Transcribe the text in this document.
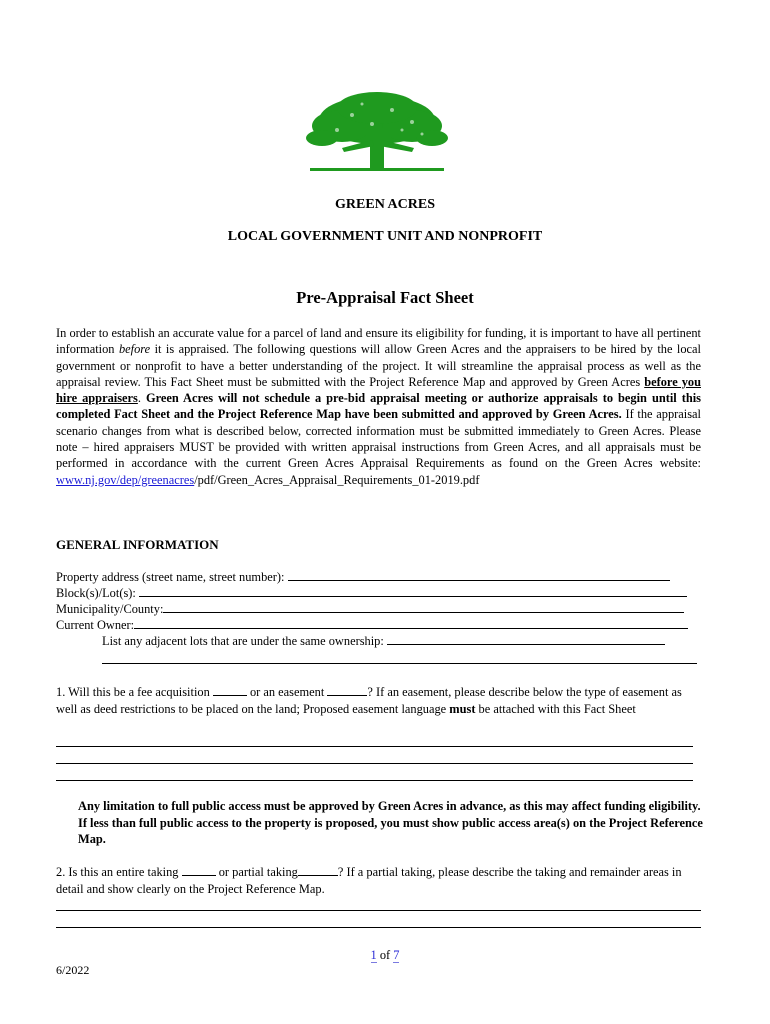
GREEN ACRES
LOCAL GOVERNMENT UNIT AND NONPROFIT
Pre-Appraisal Fact Sheet
In order to establish an accurate value for a parcel of land and ensure its eligibility for funding, it is important to have all pertinent information before it is appraised. The following questions will allow Green Acres and the appraisers to be hired by the local government or nonprofit to have a better understanding of the project. It will streamline the appraisal process as well as the appraisal review. This Fact Sheet must be submitted with the Project Reference Map and approved by Green Acres before you hire appraisers. Green Acres will not schedule a pre-bid appraisal meeting or authorize appraisals to begin until this completed Fact Sheet and the Project Reference Map have been submitted and approved by Green Acres. If the appraisal scenario changes from what is described below, corrected information must be submitted immediately to Green Acres. Please note – hired appraisers MUST be provided with written appraisal instructions from Green Acres, and all appraisals must be performed in accordance with the current Green Acres Appraisal Requirements as found on the Green Acres website: www.nj.gov/dep/greenacres/pdf/Green_Acres_Appraisal_Requirements_01-2019.pdf
GENERAL INFORMATION
Property address (street name, street number):
Block(s)/Lot(s):
Municipality/County:
Current Owner:
List any adjacent lots that are under the same ownership:
1. Will this be a fee acquisition	or an easement	? If an easement, please describe below the type of easement as well as deed restrictions to be placed on the land; Proposed easement language must be attached with this Fact Sheet
Any limitation to full public access must be approved by Green Acres in advance, as this may affect funding eligibility. If less than full public access to the property is proposed, you must show public access area(s) on the Project Reference Map.
2. Is this an entire taking	or partial taking	? If a partial taking, please describe the taking and remainder areas in detail and show clearly on the Project Reference Map.
1 of 7
6/2022
